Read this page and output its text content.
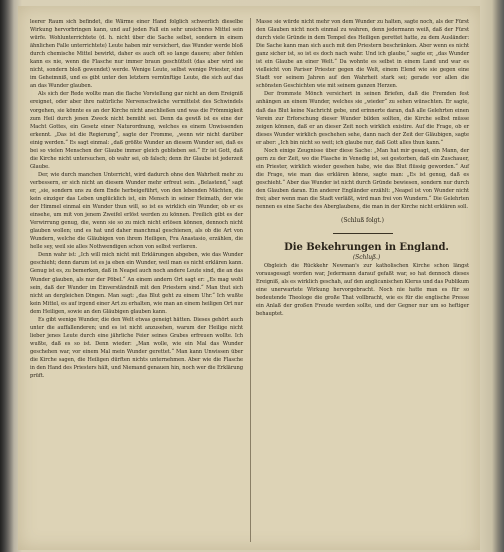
leerer Raum sich befindet, die Wärme einer Hand folglich schwerlich dieselbe Wirkung hervorbringen kann, und auf jeden Fall ein sehr unsicheres Mittel sein würfe. Wohlunterrichtete (d. h. nicht über die Sache selbst, sondern in einem ähnlichen Falle unterrichtete) Leute haben mir versichert, das Wunder werde bloß durch chemische Mittel bewirkt, daher es auch oft so lange dauere; aber fehlen kann es nie, wenn die Flasche nur immer braun geschüttelt (das aber wird sie nicht, sondern bloß gewendet) werde. Wenige Leute, selbst wenige Priester, sind im Geheimniß, und es gibt unter den letztern vernünftige Leute, die sich auf das an das Wunder glauben.

Als sich der Rede wollte man die flache Vorstellung gar nicht an dem Ereigniß ereignet, oder aber ihre natürliche Nervenschwäche vermittelst des Schwindels vorgehen, sie könnte es an der Kirche nicht anschließen und was die Frömmigkeit zum Heil durch jenen Zweck nicht bemüht sei. Denn da gewiß ist es eine der Macht Gottes, ein Gesetz einer Naturordnung, welches es einem Unwissenden erkennt. „Das ist die Regierung“, sagte der Fromme, „wenn wir nicht darüber einig werden.“ Es sagt einmal: „daß größte Wunder an diesem Wunder sei, daß es bei so vielen Menschen der Glaube immer gleich geblieben sei.“ Er ist Gott, daß die Kirche nicht untersuchen, ob wahr sei, ob falsch; denn ihr Glaube ist jederzeit Glaube.

Der, wie durch manchen Unterricht, wird dadurch ohne den Wahrheit mehr zu verbessern, er sich nicht an diesem Wunder mehr erfreut sein. „Belastend,“ sagt er, „sie, sondern uns zu dem Ende herbeigeführt, von den lebenden Mächten, die kein einziger das Leben unglücklich ist, ein Mensch in seiner Heimath, der wie der Himmel einmal ein Wunder thun will, so ist es wirklich ein Wunder, ob er es einsehe, um mit von jenem Zweifel erlöst werden zu können. Freilich gibt es der Verwirrung genug, die, wenn sie so zu mich nicht erlösen können, dennoch nicht glauben wollen; und es hat und daher manchmal geschienen, als ob die Art von Wundern, welche die Gläubigen von ihrem Heiligen, Fra Anastasio, erzählen, die helle sey, weil sie alles Nothwendigen schon von selbst verlieren.

Denn wahr ist: „Ich will mich nicht mit Erklärungen abgeben, wie das Wunder geschieht; denn darum ist es ja eben ein Wunder, weil man es nicht erklären kann. Genug ist es, zu bemerken, daß in Neapel auch noch andere Leute sind, die an das Wunder glauben, als nur der Pöbel.“ An einem andern Ort sagt er: „Es mag wohl sein, daß der Wunder im Einverständniß mit den Priestern sind.“ Man thut sich nicht an dergleichen Dingen. Man sagt: „das Blut geht zu einem Uhr.“ Ich wußte kein Mittel, es auf irgend einer Art zu erhalten, wie man an einem heiligen Ort nur dem Heiligen, sowie an den Gläubigen glauben kann.

Es gibt wenige Wunder, die den Welt etwas geneigt hätten. Dieses gehört auch unter die auffallenderen; und es ist nicht anzusehen, warum der Heilige nicht lieber jenes Leute durch eine jährliche Feier seines Grabes erfreuen wollte. Ich wußte, daß es so ist. Denn wieder: „Man wolle, wie ein Mal das Wunder geschehen war, vor einem Mal mein Wunder gerettet.“ Man kann Unwissen über die Kirche sagen, die Heiligen dürften nichts unternehmen. Aber wie die Flasche in den Hand des Priesters hält, und Niemand genauen hin, noch wer die Erklärung prüft.

Masse sie würde nicht mehr von dem Wunder zu halten, sagte noch, als der Fürst den Glauben nicht noch einmal zu wahren, denn jedermann weiß, daß der Fürst durch viele Gründe in dem Tempel des Heiligen gerettet hatte, zu dem Ausländer: Die Sache kann man sich auch mit den Priestern beschränken. Aber wenn es nicht ganz sicher ist, so ist es doch nach wahr. Und ich glaube,“ sagte er, „das Wunder ist ein Glaube an einer Welt.“ Da wohnte es selbst in einem Land und war es vielleicht von Pariser Priester gegen die Welt, einem Elend wie sie gegen eine Stadt vor seinem Jahren auf den Wahrheit stark sei; gerade vor allen die schönsten Geschichten wie mit seinem ganzen Herzen.

Der frommste Mönch versichert in seinen Briefen, daß die Fremden fest anhängen an einem Wunder, welches sie „wieder“ zu sehen wünschten. Er sagte, daß das Blut keine Nachricht gebe, und erinnerte daran, daß alle Gelehrten einen Verein zur Erforschung dieser Wunder bilden sollten, die Kirche selbst müsse zeigen können, daß er an dieser Zeit noch wirklich existire. Auf die Frage, ob er dieses Wunder wirklich geschehen sehe, dann nach der Zeit der Gläubigen, sagte er aber: „Ich bin nicht so weit; ich glaube nur, daß Gott alles thun kann.“

Noch einige Zeugnisse über diese Sache: „Man hat mir gesagt, ein Mann, der gern zu der Zeit, wo die Flasche in Venedig ist, sei gestorben, daß ein Zuschauer, ein Priester, wirklich wieder gesehen habe, wie das Blut flüssig geworden.“ Auf die Frage, wie man das erklären könne, sagte man: „Es ist genug, daß es geschieht.“ Aber das Wunder ist nicht durch Gründe bewiesen, sondern nur durch den Glauben daran. Ein anderer Engländer erzählt: „Neapel ist von Wunder nicht frei; aber wenn man die Stadt verläßt, wird man frei von Wundern.“ Die Gelehrten nennen es eine Sache des Aberglaubens, die man in der Kirche nicht erklären soll.

(Schluß folgt.)

Die Bekehrungen in England.

(Schluß.)

Obgleich die Rückkehr Newman's zur katholischen Kirche schon längst vorausgesagt worden war, Jedermann darauf gefaßt war, so hat dennoch dieses Ereigniß, als es wirklich geschah, auf den anglicanischen Klerus und das Publikum eine unerwartete Wirkung hervorgebracht. Noch nie hatte man es für so bedeutende Theologe die große That vollbracht, wie es für die englische Presse ein Anlaß der großen Freude werden sollte, und der Gegner nur um so heftiger behauptet.
